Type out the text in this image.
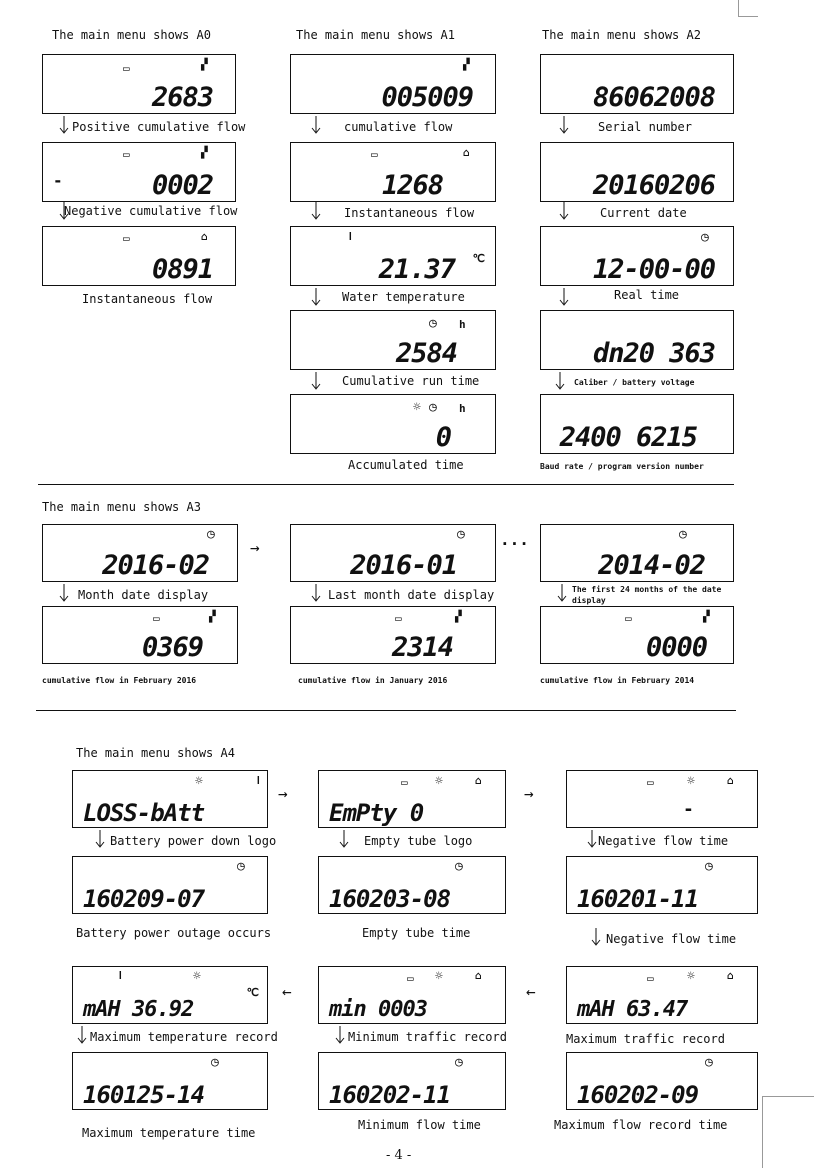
The main menu shows A0	The main menu shows A1	The main menu shows A2
▭	▞
2683
Positive cumulative flow
▭	▞
-	0002
Negative cumulative flow
▭	⌂
0891
Instantaneous flow
▞
005009
cumulative flow
▭	⌂
1268
Instantaneous flow
ǀ
21.37 ℃
Water temperature
◷ h
2584
Cumulative run time
☼ ◷ h
0
Accumulated time
86062008
Serial number
20160206
Current date
◷
12-00-00
Real time
dn20 363
Caliber / battery voltage
2400 6215
Baud rate / program version number
The main menu shows A3
◷
2016-02
→
◷
2016-01
···	◷
2014-02
Month date display	Last month date display	The first 24 months of the date display
▭	▞
0369
▭	▞
2314
▭	▞
0000
cumulative flow in February 2016	cumulative flow in January 2016	cumulative flow in February 2014
The main menu shows A4
☼	ǀ
LOSS-bAtt
→
▭ ☼	⌂
EmPty 0
→
▭	☼	⌂
-
Battery power down logo	Empty tube logo	Negative flow time
◷
160209-07
◷
160203-08
◷
160201-11
Battery power outage occurs	Empty tube time	Negative flow time
ǀ	☼
mAH 36.92
℃ ←
▭ ☼	⌂
min 0003
←
▭	☼	⌂
mAH 63.47
Maximum temperature record	Minimum traffic record	Maximum traffic record
◷
160125-14
◷
160202-11
◷
160202-09
Maximum temperature time
Minimum flow time	Maximum flow record time
- 4 -
